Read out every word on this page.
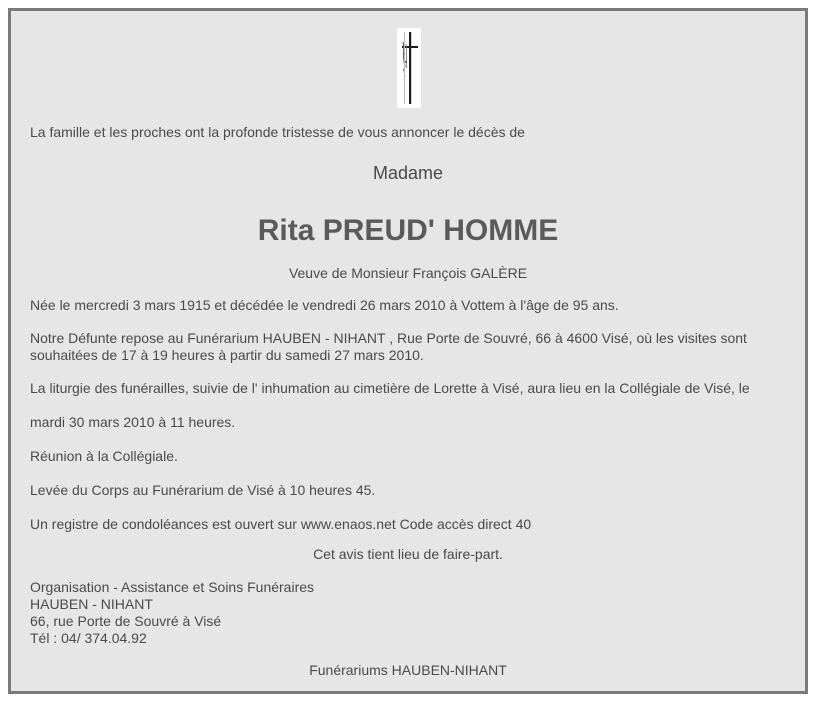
La famille et les proches ont la profonde tristesse de vous annoncer le décès de
Madame
Rita PREUD' HOMME
Veuve de Monsieur François GALÈRE
Née le mercredi 3 mars 1915 et décédée le vendredi 26 mars 2010 à Vottem à l'âge de 95 ans.
Notre Défunte repose au Funérarium HAUBEN - NIHANT , Rue Porte de Souvré, 66 à 4600 Visé, où les visites sont
souhaitées de 17 à 19 heures à partir du samedi 27 mars 2010.
La liturgie des funérailles, suivie de l' inhumation au cimetière de Lorette à Visé, aura lieu en la Collégiale de Visé, le
mardi 30 mars 2010 à 11 heures.
Réunion à la Collégiale.
Levée du Corps au Funérarium de Visé à 10 heures 45.
Un registre de condoléances est ouvert sur www.enaos.net Code accès direct 40
Cet avis tient lieu de faire-part.
Organisation - Assistance et Soins Funéraires
HAUBEN - NIHANT
66, rue Porte de Souvré à Visé
Tél : 04/ 374.04.92
Funérariums HAUBEN-NIHANT
